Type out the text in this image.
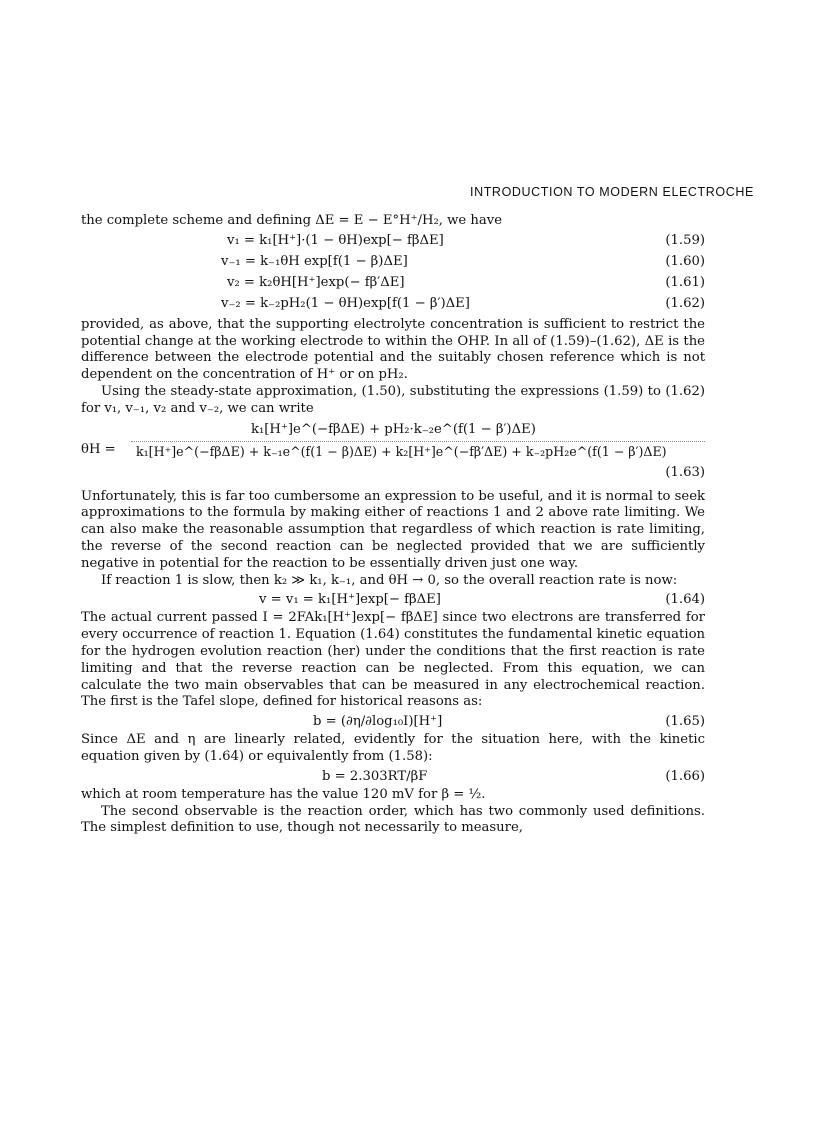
INTRODUCTION TO MODERN ELECTROCHE

the complete scheme and defining ΔE = E − E°H⁺/H₂, we have

v₁ = k₁[H⁺]·(1 − θH)exp[− fβΔE]	(1.59)
v₋₁ = k₋₁θH exp[f(1 − β)ΔE]	(1.60)
v₂ = k₂θH[H⁺]exp(− fβ′ΔE]	(1.61)
v₋₂ = k₋₂pH₂(1 − θH)exp[f(1 − β′)ΔE]	(1.62)

provided, as above, that the supporting electrolyte concentration is sufficient to restrict the potential change at the working electrode to within the OHP. In all of (1.59)–(1.62), ΔE is the difference between the electrode potential and the suitably chosen reference which is not dependent on the concentration of H⁺ or on pH₂.

Using the steady-state approximation, (1.50), substituting the expressions (1.59) to (1.62) for v₁, v₋₁, v₂ and v₋₂, we can write

θH =
k₁[H⁺]e^(−fβΔE) + pH₂·k₋₂e^(f(1 − β′)ΔE)
k₁[H⁺]e^(−fβΔE) + k₋₁e^(f(1 − β)ΔE) + k₂[H⁺]e^(−fβ′ΔE) + k₋₂pH₂e^(f(1 − β′)ΔE)
(1.63)

Unfortunately, this is far too cumbersome an expression to be useful, and it is normal to seek approximations to the formula by making either of reactions 1 and 2 above rate limiting. We can also make the reasonable assumption that regardless of which reaction is rate limiting, the reverse of the second reaction can be neglected provided that we are sufficiently negative in potential for the reaction to be essentially driven just one way.

If reaction 1 is slow, then k₂ ≫ k₁, k₋₁, and θH → 0, so the overall reaction rate is now:

v = v₁ = k₁[H⁺]exp[− fβΔE]	(1.64)

The actual current passed I = 2FAk₁[H⁺]exp[− fβΔE] since two electrons are transferred for every occurrence of reaction 1. Equation (1.64) constitutes the fundamental kinetic equation for the hydrogen evolution reaction (her) under the conditions that the first reaction is rate limiting and that the reverse reaction can be neglected. From this equation, we can calculate the two main observables that can be measured in any electrochemical reaction. The first is the Tafel slope, defined for historical reasons as:

b = (∂η/∂log₁₀I)[H⁺]	(1.65)

Since ΔE and η are linearly related, evidently for the situation here, with the kinetic equation given by (1.64) or equivalently from (1.58):

b = 2.303RT/βF	(1.66)

which at room temperature has the value 120 mV for β = ½.

The second observable is the reaction order, which has two commonly used definitions. The simplest definition to use, though not necessarily to measure,
